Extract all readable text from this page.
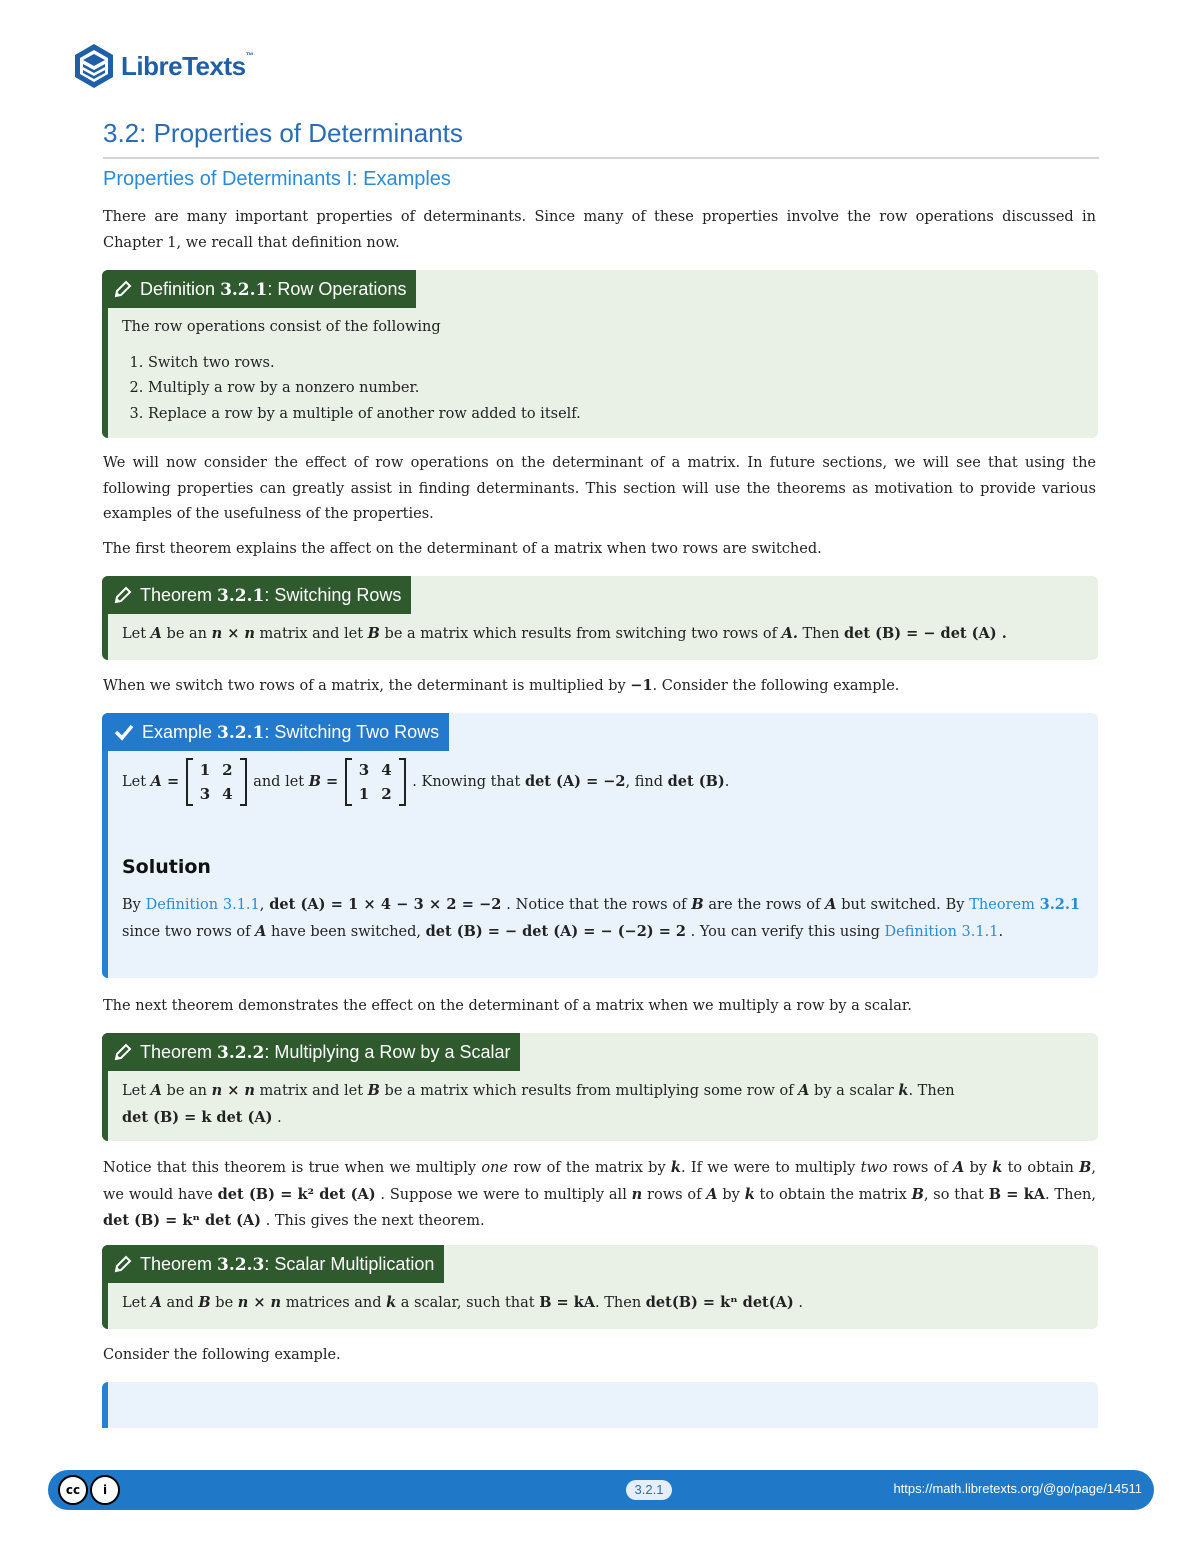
LibreTexts™
3.2: Properties of Determinants
Properties of Determinants I: Examples
There are many important properties of determinants. Since many of these properties involve the row operations discussed in Chapter 1, we recall that definition now.
Definition 3.2.1: Row Operations
The row operations consist of the following
1. Switch two rows.
2. Multiply a row by a nonzero number.
3. Replace a row by a multiple of another row added to itself.
We will now consider the effect of row operations on the determinant of a matrix. In future sections, we will see that using the following properties can greatly assist in finding determinants. This section will use the theorems as motivation to provide various examples of the usefulness of the properties.
The first theorem explains the affect on the determinant of a matrix when two rows are switched.
Theorem 3.2.1: Switching Rows
Let A be an n × n matrix and let B be a matrix which results from switching two rows of A. Then det (B) = − det (A) .
When we switch two rows of a matrix, the determinant is multiplied by −1. Consider the following example.
Example 3.2.1: Switching Two Rows
Let A =
1	2
3	4
and let B =
3	4
1	2
. Knowing that det (A) = −2, find det (B).
Solution
By Definition 3.1.1, det (A) = 1 × 4 − 3 × 2 = −2 . Notice that the rows of B are the rows of A but switched. By Theorem 3.2.1 since two rows of A have been switched, det (B) = − det (A) = − (−2) = 2 . You can verify this using Definition 3.1.1.
The next theorem demonstrates the effect on the determinant of a matrix when we multiply a row by a scalar.
Theorem 3.2.2: Multiplying a Row by a Scalar
Let A be an n × n matrix and let B be a matrix which results from multiplying some row of A by a scalar k. Then
det (B) = k det (A) .
Notice that this theorem is true when we multiply one row of the matrix by k. If we were to multiply two rows of A by k to obtain B, we would have det (B) = k² det (A) . Suppose we were to multiply all n rows of A by k to obtain the matrix B, so that B = kA. Then, det (B) = kⁿ det (A) . This gives the next theorem.
Theorem 3.2.3: Scalar Multiplication
Let A and B be n × n matrices and k a scalar, such that B = kA. Then det(B) = kⁿ det(A) .
Consider the following example.
cc	i	3.2.1	https://math.libretexts.org/@go/page/14511
